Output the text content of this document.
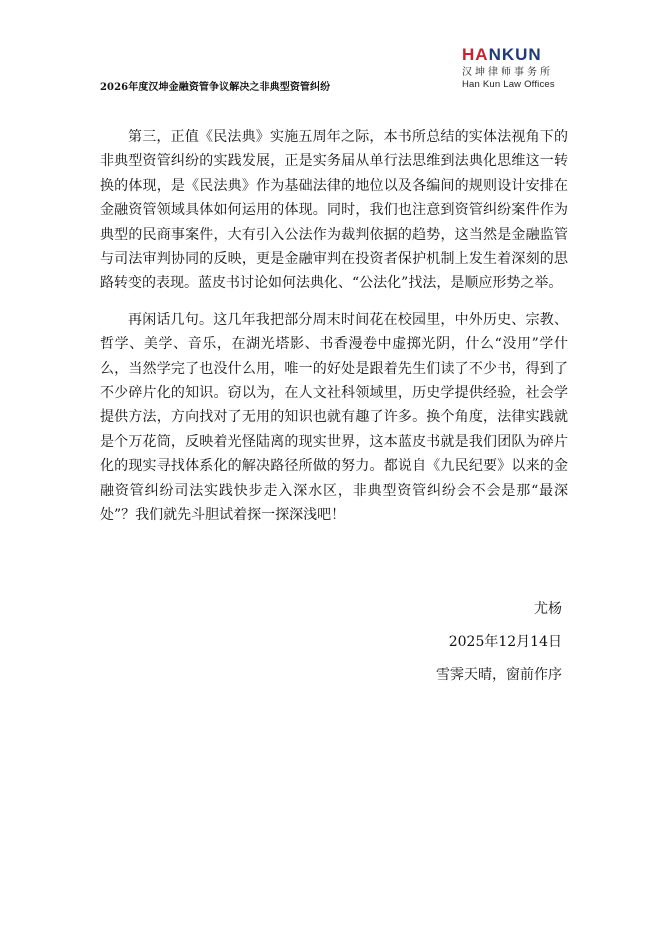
2026年度汉坤金融资管争议解决之非典型资管纠纷
HANKUN
汉坤律师事务所
Han Kun Law Offices

第三，正值《民法典》实施五周年之际，本书所总结的实体法视角下的非典型资管纠纷的实践发展，正是实务届从单行法思维到法典化思维这一转换的体现，是《民法典》作为基础法律的地位以及各编间的规则设计安排在金融资管领域具体如何运用的体现。同时，我们也注意到资管纠纷案件作为典型的民商事案件，大有引入公法作为裁判依据的趋势，这当然是金融监管与司法审判协同的反映，更是金融审判在投资者保护机制上发生着深刻的思路转变的表现。蓝皮书讨论如何法典化、“公法化”找法，是顺应形势之举。

再闲话几句。这几年我把部分周末时间花在校园里，中外历史、宗教、哲学、美学、音乐，在湖光塔影、书香漫卷中虚掷光阴，什么“没用”学什么，当然学完了也没什么用，唯一的好处是跟着先生们读了不少书，得到了不少碎片化的知识。窃以为，在人文社科领域里，历史学提供经验，社会学提供方法，方向找对了无用的知识也就有趣了许多。换个角度，法律实践就是个万花筒，反映着光怪陆离的现实世界，这本蓝皮书就是我们团队为碎片化的现实寻找体系化的解决路径所做的努力。都说自《九民纪要》以来的金融资管纠纷司法实践快步走入深水区，非典型资管纠纷会不会是那“最深处”？我们就先斗胆试着探一探深浅吧！

尤杨
2025年12月14日
雪霁天晴，窗前作序
